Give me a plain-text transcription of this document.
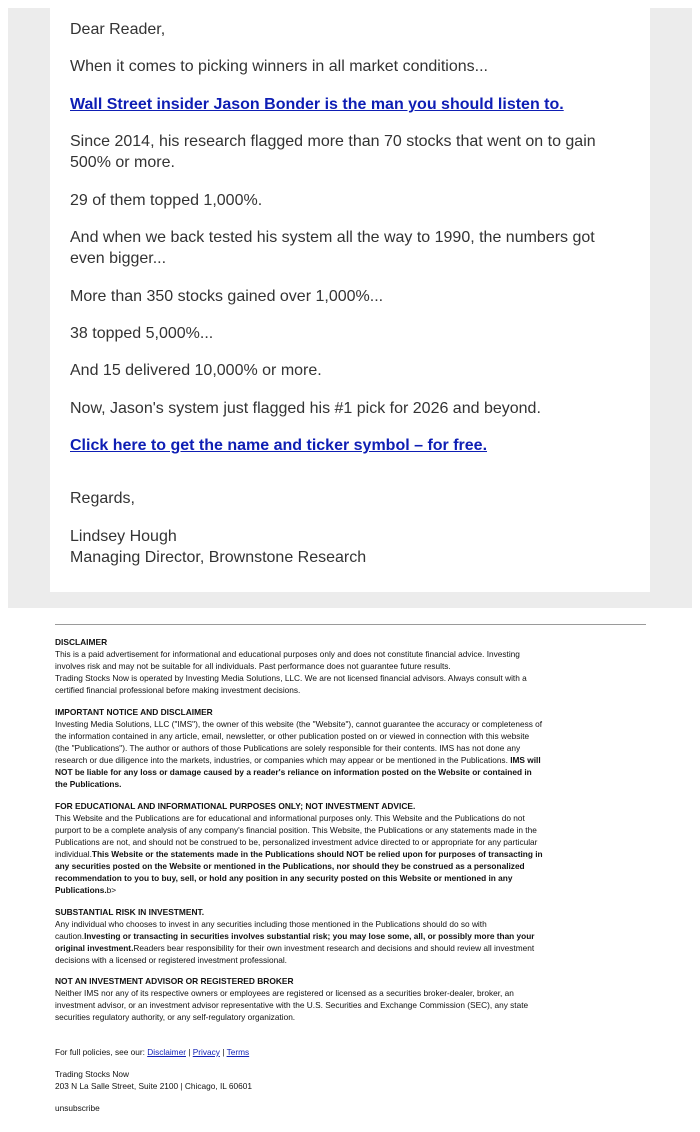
Dear Reader,

When it comes to picking winners in all market conditions...

Wall Street insider Jason Bonder is the man you should listen to.

Since 2014, his research flagged more than 70 stocks that went on to gain 500% or more.

29 of them topped 1,000%.

And when we back tested his system all the way to 1990, the numbers got even bigger...

More than 350 stocks gained over 1,000%...

38 topped 5,000%...

And 15 delivered 10,000% or more.

Now, Jason's system just flagged his #1 pick for 2026 and beyond.

Click here to get the name and ticker symbol – for free.

Regards,

Lindsey Hough

Managing Director, Brownstone Research

DISCLAIMER

This is a paid advertisement for informational and educational purposes only and does not constitute financial advice. Investing
involves risk and may not be suitable for all individuals. Past performance does not guarantee future results.
Trading Stocks Now is operated by Investing Media Solutions, LLC. We are not licensed financial advisors. Always consult with a
certified financial professional before making investment decisions.

IMPORTANT NOTICE AND DISCLAIMER

Investing Media Solutions, LLC ("IMS"), the owner of this website (the "Website"), cannot guarantee the accuracy or completeness of
the information contained in any article, email, newsletter, or other publication posted on or viewed in connection with this website
(the "Publications"). The author or authors of those Publications are solely responsible for their contents. IMS has not done any
research or due diligence into the markets, industries, or companies which may appear or be mentioned in the Publications. IMS will
NOT be liable for any loss or damage caused by a reader's reliance on information posted on the Website or contained in
the Publications.

FOR EDUCATIONAL AND INFORMATIONAL PURPOSES ONLY; NOT INVESTMENT ADVICE.

This Website and the Publications are for educational and informational purposes only. This Website and the Publications do not
purport to be a complete analysis of any company's financial position. This Website, the Publications or any statements made in the
Publications are not, and should not be construed to be, personalized investment advice directed to or appropriate for any particular
individual.This Website or the statements made in the Publications should NOT be relied upon for purposes of transacting in
any securities posted on the Website or mentioned in the Publications, nor should they be construed as a personalized
recommendation to you to buy, sell, or hold any position in any security posted on this Website or mentioned in any
Publications.b>

SUBSTANTIAL RISK IN INVESTMENT.

Any individual who chooses to invest in any securities including those mentioned in the Publications should do so with
caution.Investing or transacting in securities involves substantial risk; you may lose some, all, or possibly more than your
original investment.Readers bear responsibility for their own investment research and decisions and should review all investment
decisions with a licensed or registered investment professional.

NOT AN INVESTMENT ADVISOR OR REGISTERED BROKER

Neither IMS nor any of its respective owners or employees are registered or licensed as a securities broker-dealer, broker, an
investment advisor, or an investment advisor representative with the U.S. Securities and Exchange Commission (SEC), any state
securities regulatory authority, or any self-regulatory organization.

For full policies, see our: Disclaimer | Privacy | Terms

Trading Stocks Now

203 N La Salle Street, Suite 2100 | Chicago, IL 60601

unsubscribe
